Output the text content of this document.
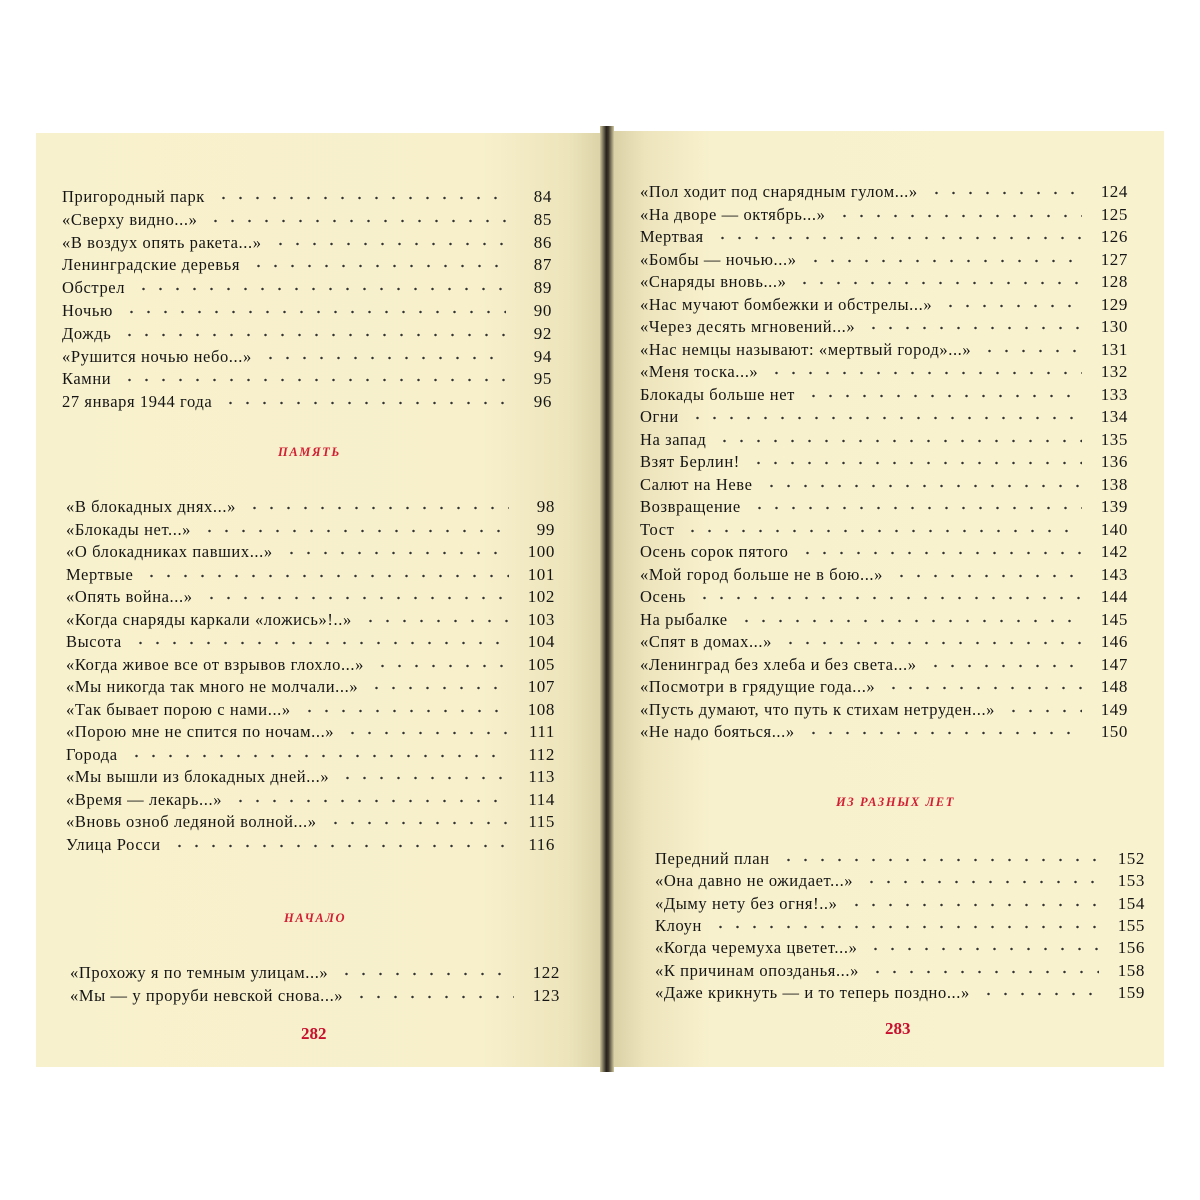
Пригородный парк	84
«Сверху видно...»	85
«В воздух опять ракета...»	86
Ленинградские деревья	87
Обстрел	89
Ночью	90
Дождь	92
«Рушится ночью небо...»	94
Камни	95
27 января 1944 года	96
«В блокадных днях...»	98
«Блокады нет...»	99
«О блокадниках павших...»	100
Мертвые	101
«Опять война...»	102
«Когда снаряды каркали «ложись»!..»	103
Высота	104
«Когда живое все от взрывов глохло...»	105
«Мы никогда так много не молчали...»	107
«Так бывает порою с нами...»	108
«Порою мне не спится по ночам...»	111
Города	112
«Мы вышли из блокадных дней...»	113
«Время — лекарь...»	114
«Вновь озноб ледяной волной...»	115
Улица Росси	116
«Прохожу я по темным улицам...»	122
«Мы — у проруби невской снова...»	123
«Пол ходит под снарядным гулом...»	124
«На дворе — октябрь...»	125
Мертвая	126
«Бомбы — ночью...»	127
«Снаряды вновь...»	128
«Нас мучают бомбежки и обстрелы...»	129
«Через десять мгновений...»	130
«Нас немцы называют: «мертвый город»...»	131
«Меня тоска...»	132
Блокады больше нет	133
Огни	134
На запад	135
Взят Берлин!	136
Салют на Неве	138
Возвращение	139
Тост	140
Осень сорок пятого	142
«Мой город больше не в бою...»	143
Осень	144
На рыбалке	145
«Спят в домах...»	146
«Ленинград без хлеба и без света...»	147
«Посмотри в грядущие года...»	148
«Пусть думают, что путь к стихам нетруден...»	149
«Не надо бояться...»	150
Передний план	152
«Она давно не ожидает...»	153
«Дыму нету без огня!..»	154
Клоун	155
«Когда черемуха цветет...»	156
«К причинам опозданья...»	158
«Даже крикнуть — и то теперь поздно...»	159
ПАМЯТЬ
НАЧАЛО
ИЗ РАЗНЫХ ЛЕТ
282	283
